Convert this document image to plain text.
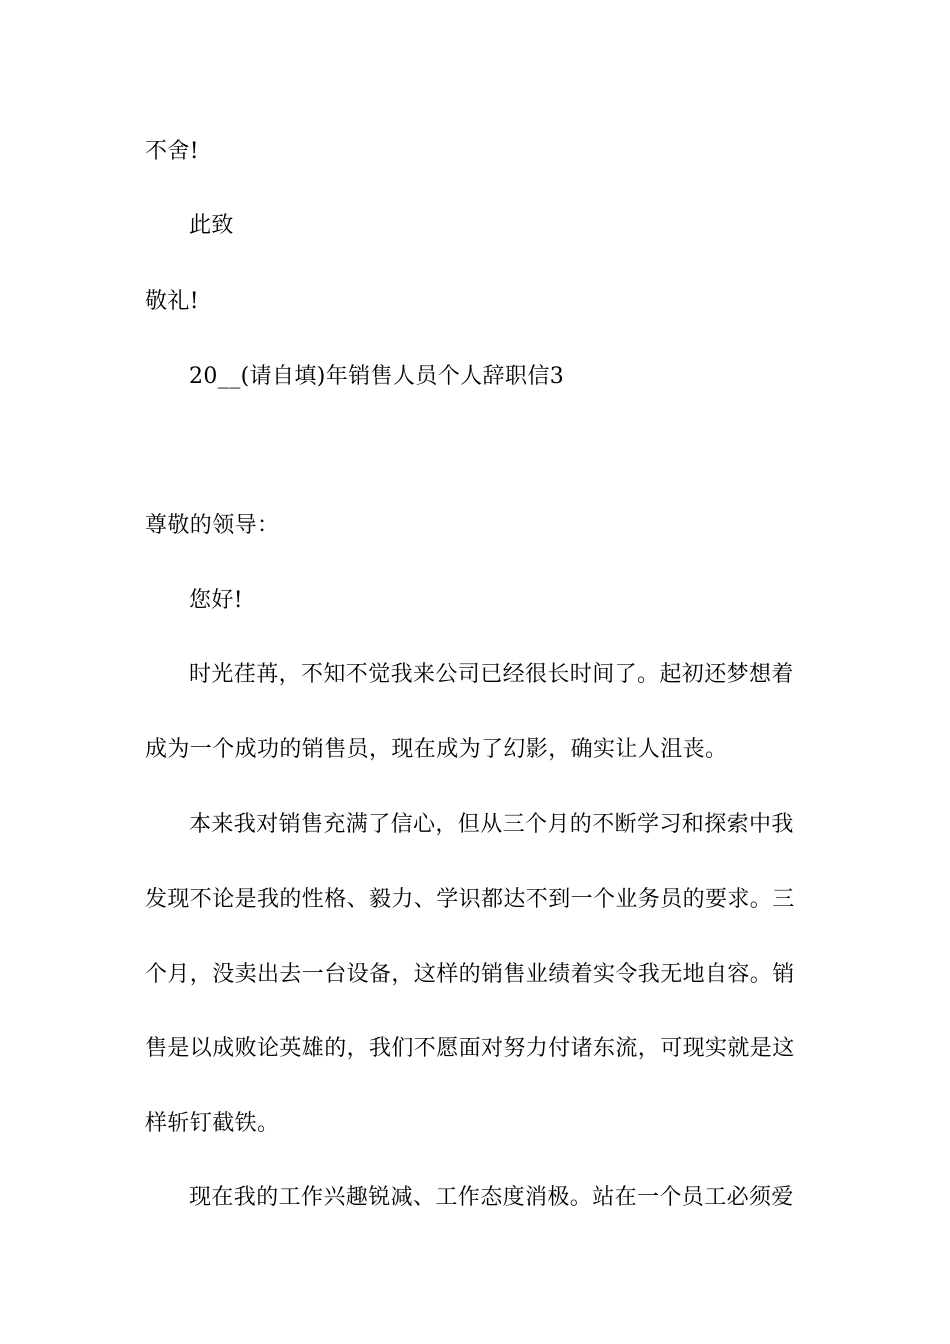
不舍!
此致
敬礼!
20__(请自填)年销售人员个人辞职信3
尊敬的领导：
您好!
时光荏苒，不知不觉我来公司已经很长时间了。起初还梦想着
成为一个成功的销售员，现在成为了幻影，确实让人沮丧。
本来我对销售充满了信心，但从三个月的不断学习和探索中我
发现不论是我的性格、毅力、学识都达不到一个业务员的要求。三
个月，没卖出去一台设备，这样的销售业绩着实令我无地自容。销
售是以成败论英雄的，我们不愿面对努力付诸东流，可现实就是这
样斩钉截铁。
现在我的工作兴趣锐减、工作态度消极。站在一个员工必须爱
